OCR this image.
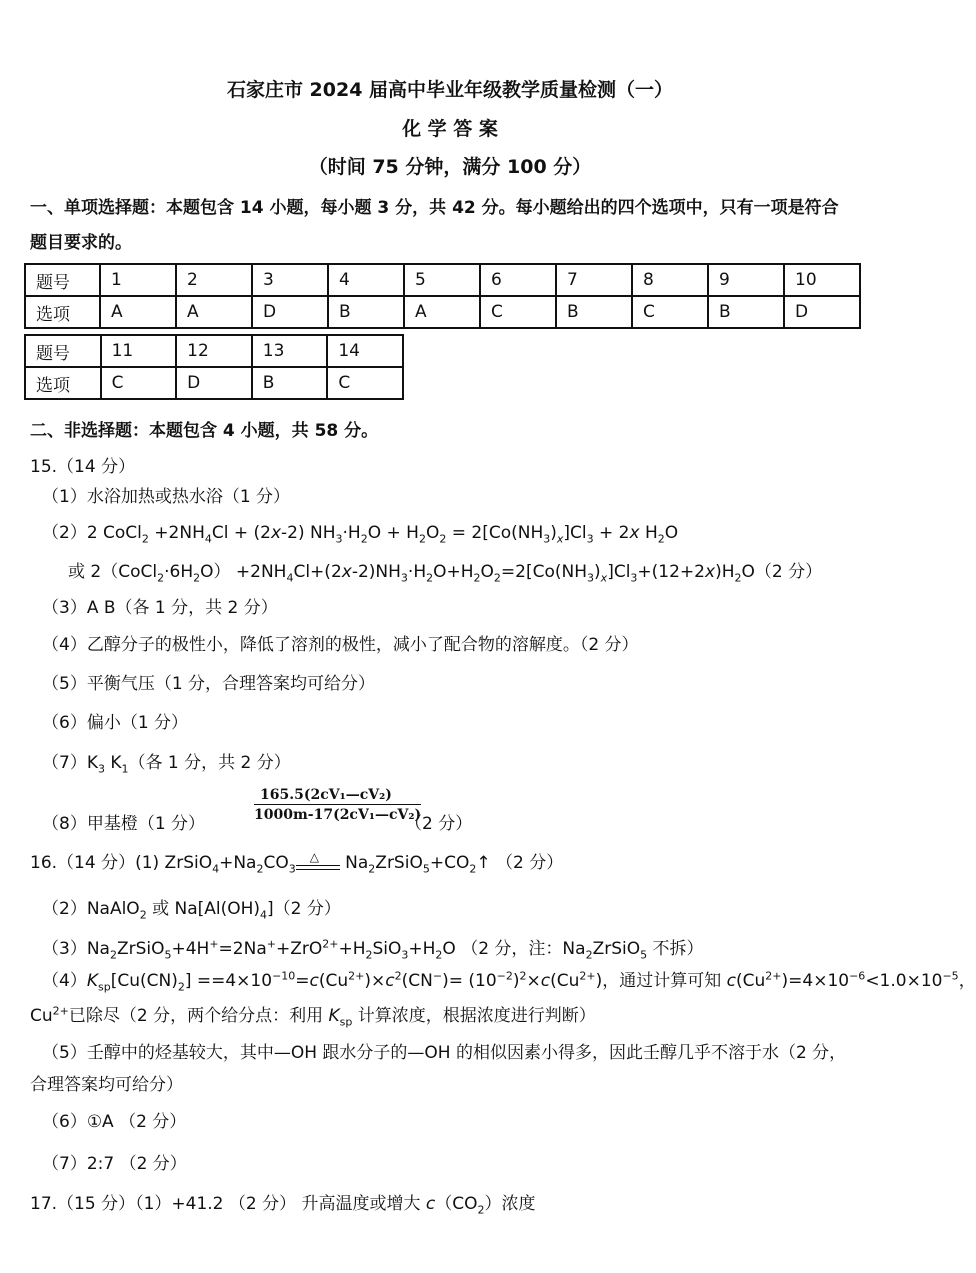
石家庄市 2024 届高中毕业年级教学质量检测（一）
化 学 答 案
（时间 75 分钟，满分 100 分）
一、单项选择题：本题包含 14 小题，每小题 3 分，共 42 分。每小题给出的四个选项中，只有一项是符合
题目要求的。
题号	1	2	3	4	5	6	7	8	9	10
选项	A	A	D	B	A	C	B	C	B	D
题号	11	12	13	14
选项	C	D	B	C
二、非选择题：本题包含 4 小题，共 58 分。
15.（14 分）
（1）水浴加热或热水浴（1 分）
（2）2 CoCl$_2$ $+2NH_4Cl + (2x-2) NH_3\cdot H_2O + H_2O_2 = 2[Co(NH_3)_x]Cl_3 + 2x$ $H_2O$
或 $2(CoCl_2\cdot 6H_2O) +2NH_4Cl+(2x-2)NH_3\cdot H_2O+H_2O_2=2[Co(NH_3)_x]Cl_3+(12+2x)H_2O(2$ 分）
（3）A B（各 1 分，共 2 分）
（4）乙醇分子的极性小，降低了溶剂的极性，减小了配合物的溶解度。（2 分）
（5）平衡气压（1 分，合理答案均可给分）
（6）偏小（1 分）
$(7)K_3$ $K_1$（各 1 分，共 2 分）
（8）甲基橙（1 分）	$\frac{\text{165.5(2cV₁—cV₂)}}{\text{1000m-17(2cV₁—cV₂)}}$
（2 分）
16.（14 分）(1) $ZrSiO_4+Na_2CO_3$
△ $Na_2ZrSiO_5+CO_2↑$ （2 分）
（2）NaAlO$_2$ 或 $Na[Al(OH)_4](2$ 分）
$(3)Na_2ZrSiO_5+4H^+=2Na^++ZrO^{2+}+H_2SiO_3+H_2O$ （2 分，注：$Na_2ZrSiO_5$ 不拆）
$(4)K_{sp}[Cu(CN)_2] ==4\times 10^{-10}=c(Cu^{2+})\times c^2(CN^-)= (10^{-2})^2\times c(Cu^{2+})$，通过计算可知 $c(Cu^{2+})=4\times 10^{-6}<1.0\times 10^{-5}$，
$Cu^{2+}$已除尽（2 分，两个给分点：利用 $K_{sp}$ 计算浓度，根据浓度进行判断）
（5）壬醇中的烃基较大，其中—OH 跟水分子的—OH 的相似因素小得多，因此壬醇几乎不溶于水（2 分，
合理答案均可给分）
（6）①A （2 分）
（7）2:7 （2 分）
17.（15 分）（1）+41.2 （2 分） 升高温度或增大 $c(CO_2)$浓度
